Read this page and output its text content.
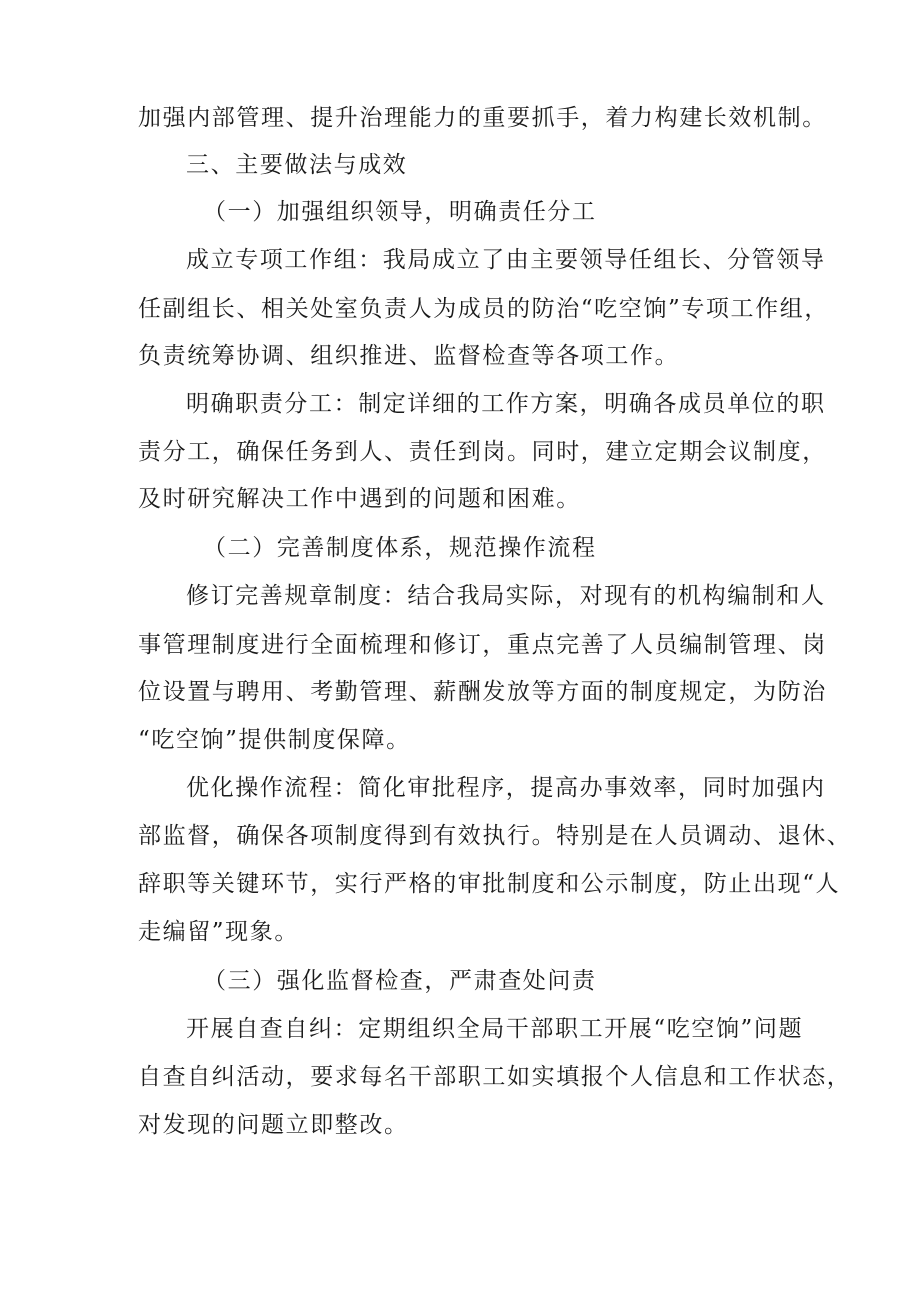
加强内部管理、提升治理能力的重要抓手，着力构建长效机制。
三、主要做法与成效
（一）加强组织领导，明确责任分工
成立专项工作组：我局成立了由主要领导任组长、分管领导
任副组长、相关处室负责人为成员的防治“吃空饷”专项工作组，
负责统筹协调、组织推进、监督检查等各项工作。
明确职责分工：制定详细的工作方案，明确各成员单位的职
责分工，确保任务到人、责任到岗。同时，建立定期会议制度，
及时研究解决工作中遇到的问题和困难。
（二）完善制度体系，规范操作流程
修订完善规章制度：结合我局实际，对现有的机构编制和人
事管理制度进行全面梳理和修订，重点完善了人员编制管理、岗
位设置与聘用、考勤管理、薪酬发放等方面的制度规定，为防治
“吃空饷”提供制度保障。
优化操作流程：简化审批程序，提高办事效率，同时加强内
部监督，确保各项制度得到有效执行。特别是在人员调动、退休、
辞职等关键环节，实行严格的审批制度和公示制度，防止出现“人
走编留”现象。
（三）强化监督检查，严肃查处问责
开展自查自纠：定期组织全局干部职工开展“吃空饷”问题
自查自纠活动，要求每名干部职工如实填报个人信息和工作状态，
对发现的问题立即整改。
